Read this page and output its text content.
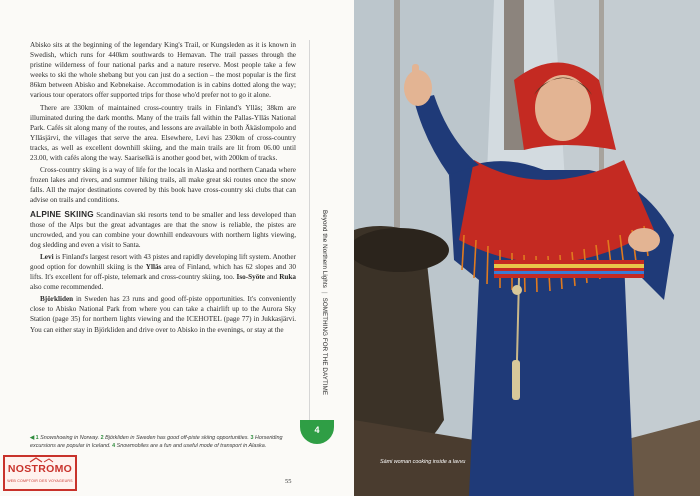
Abisko sits at the beginning of the legendary King's Trail, or Kungsleden as it is known in Swedish, which runs for 440km southwards to Hemavan. The trail passes through the pristine wilderness of four national parks and a nature reserve. Most people take a few weeks to ski the whole shebang but you can just do a section – the most popular is the first 86km between Abisko and Kebnekaise. Accommodation is in cabins dotted along the way; various tour operators offer supported trips for those who'd prefer not to go it alone.

There are 330km of maintained cross-country trails in Finland's Ylläs; 38km are illuminated during the dark months. Many of the trails fall within the Pallas-Ylläs National Park. Cafés sit along many of the routes, and lessons are available in both Äkäslompolo and Ylläsjärvi, the villages that serve the area. Elsewhere, Levi has 230km of cross-country tracks, as well as excellent downhill skiing, and the main trails are lit from 06.00 until 23.00, with cafés along the way. Saariselkä is another good bet, with 200km of tracks.

Cross-country skiing is a way of life for the locals in Alaska and northern Canada where frozen lakes and rivers, and summer hiking trails, all make great ski routes once the snow falls. All the major destinations covered by this book have cross-country ski clubs that can advise on trails and conditions.

ALPINE SKIING Scandinavian ski resorts tend to be smaller and less developed than those of the Alps but the great advantages are that the snow is reliable, the pistes are uncrowded, and you can combine your downhill endeavours with northern lights viewing, dog sledding and even a visit to Santa.

Levi is Finland's largest resort with 43 pistes and rapidly developing lift system. Another good option for downhill skiing is the Ylläs area of Finland, which has 62 slopes and 30 lifts. It's excellent for off-piste, telemark and cross-country skiing, too. Iso-Syöte and Ruka also come recommended.

Björkliden in Sweden has 23 runs and good off-piste opportunities. It's conveniently close to Abisko National Park from where you can take a chairlift up to the Aurora Sky Station (page 35) for northern lights viewing and the ICEHOTEL (page 77) in Jukkasjärvi. You can either stay in Björkliden and drive over to Abisko in the evenings, or stay at the

◀ 1 Snowshoeing in Norway. 2 Björkliden in Sweden has good off-piste skiing opportunities. 3 Horseriding excursions are popular in Iceland. 4 Snowmobiles are a fun and useful mode of transport in Alaska.
Beyond the Northern Lights|SOMETHING FOR THE DAYTIME
4
55
NOSTROMO
WEB COMPTOIR DES VOYAGEURS
Sámi woman cooking inside a lavvu
